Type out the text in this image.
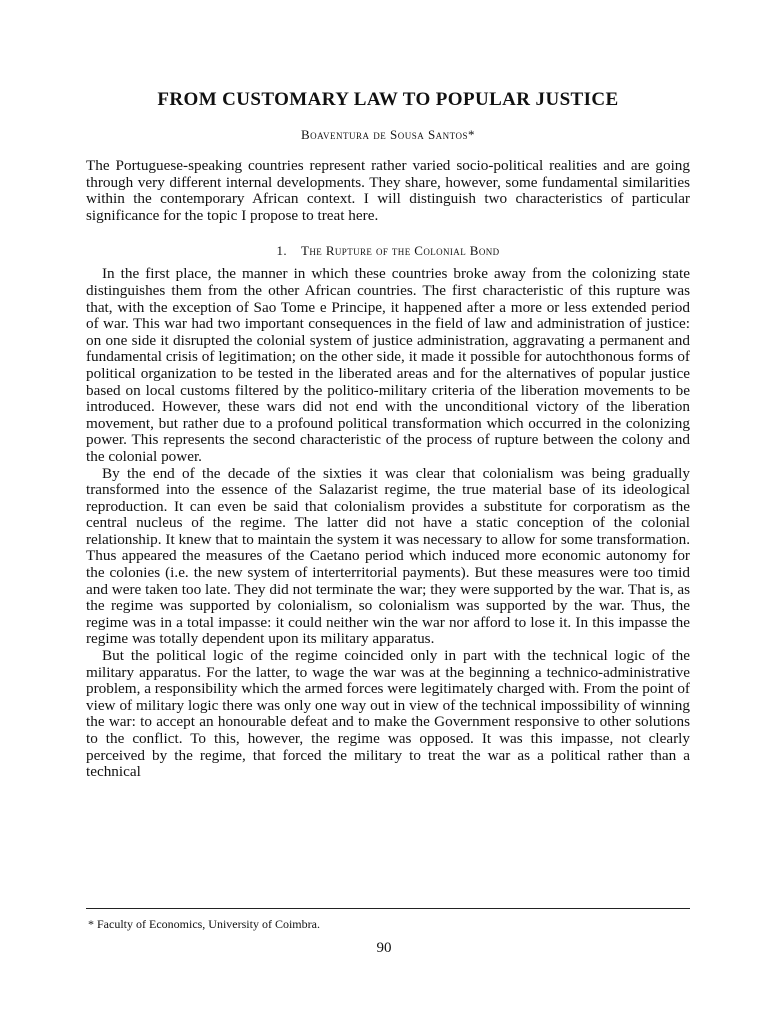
FROM CUSTOMARY LAW TO POPULAR JUSTICE
Boaventura de Sousa Santos*

The Portuguese-speaking countries represent rather varied socio-political realities and are going through very different internal developments. They share, however, some fundamental similarities within the contemporary African context. I will distinguish two characteristics of particular significance for the topic I propose to treat here.

1. The Rupture of the Colonial Bond

In the first place, the manner in which these countries broke away from the colonizing state distinguishes them from the other African countries. The first characteristic of this rupture was that, with the exception of Sao Tome e Principe, it happened after a more or less extended period of war. This war had two important consequences in the field of law and administration of justice: on one side it disrupted the colonial system of justice administration, aggravating a permanent and fundamental crisis of legitimation; on the other side, it made it possible for autochthonous forms of political organization to be tested in the liberated areas and for the alternatives of popular justice based on local customs filtered by the politico-military criteria of the liberation movements to be introduced. However, these wars did not end with the unconditional victory of the liberation movement, but rather due to a profound political transformation which occurred in the colonizing power. This represents the second characteristic of the process of rupture between the colony and the colonial power.

By the end of the decade of the sixties it was clear that colonialism was being gradually transformed into the essence of the Salazarist regime, the true material base of its ideological reproduction. It can even be said that colonialism provides a substitute for corporatism as the central nucleus of the regime. The latter did not have a static conception of the colonial relationship. It knew that to maintain the system it was necessary to allow for some transformation. Thus appeared the measures of the Caetano period which induced more economic autonomy for the colonies (i.e. the new system of interterritorial payments). But these measures were too timid and were taken too late. They did not terminate the war; they were supported by the war. That is, as the regime was supported by colonialism, so colonialism was supported by the war. Thus, the regime was in a total impasse: it could neither win the war nor afford to lose it. In this impasse the regime was totally dependent upon its military apparatus.

But the political logic of the regime coincided only in part with the technical logic of the military apparatus. For the latter, to wage the war was at the beginning a technico-administrative problem, a responsibility which the armed forces were legitimately charged with. From the point of view of military logic there was only one way out in view of the technical impossibility of winning the war: to accept an honourable defeat and to make the Government responsive to other solutions to the conflict. To this, however, the regime was opposed. It was this impasse, not clearly perceived by the regime, that forced the military to treat the war as a political rather than a technical

* Faculty of Economics, University of Coimbra.
90
